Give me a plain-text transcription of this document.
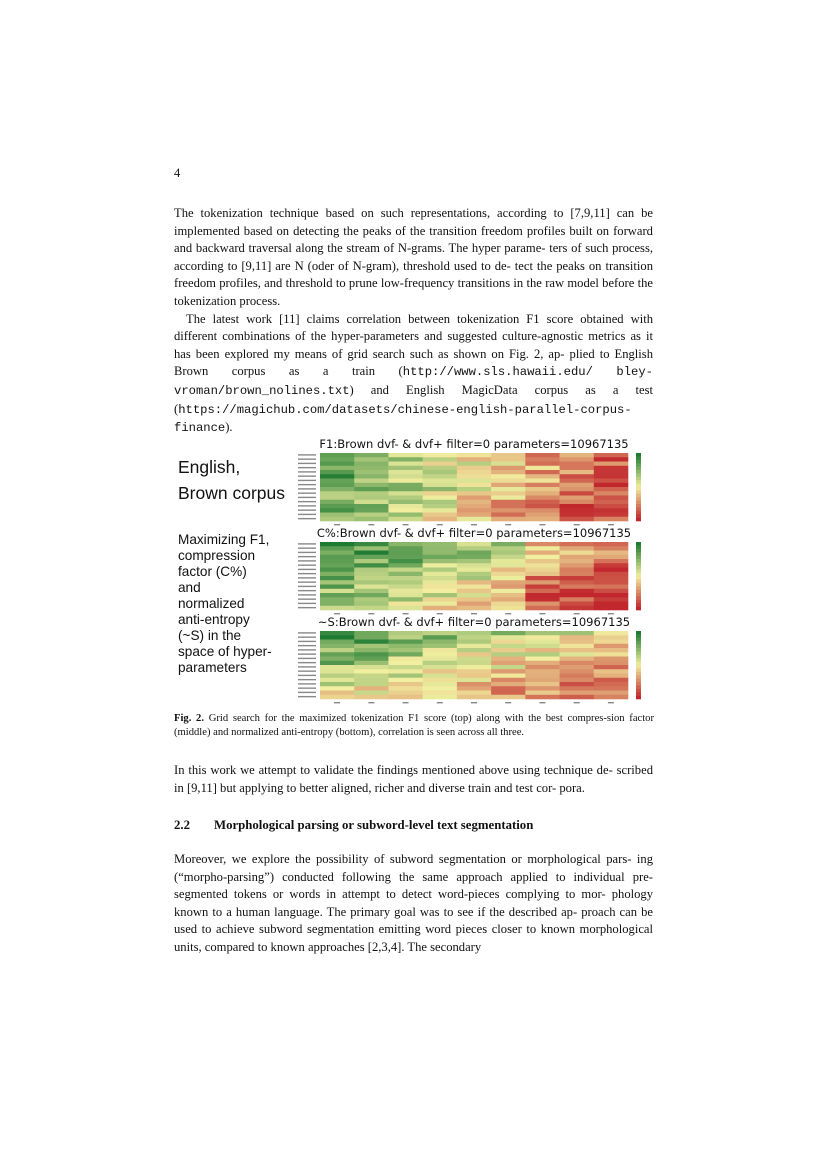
4

The tokenization technique based on such representations, according to [7,9,11] can be implemented based on detecting the peaks of the transition freedom profiles built on forward and backward traversal along the stream of N-grams. The hyper parame- ters of such process, according to [9,11] are N (oder of N-gram), threshold used to de- tect the peaks on transition freedom profiles, and threshold to prune low-frequency transitions in the raw model before the tokenization process.

The latest work [11] claims correlation between tokenization F1 score obtained with different combinations of the hyper-parameters and suggested culture-agnostic metrics as it has been explored my means of grid search such as shown on Fig. 2, ap- plied to English Brown corpus as a train (http://www.sls.hawaii.edu/ bley-vroman/brown_nolines.txt) and English MagicData corpus as a test (https://magichub.com/datasets/chinese-english-parallel-corpus-finance).

English,
Brown corpus
Maximizing F1,
compression
factor (C%)
and
normalized
anti-entropy
(~S) in the
space of hyper-
parameters
F1:Brown dvf- & dvf+ filter=0 parameters=10967135
C%:Brown dvf- & dvf+ filter=0 parameters=10967135
~S:Brown dvf- & dvf+ filter=0 parameters=10967135
Fig. 2. Grid search for the maximized tokenization F1 score (top) along with the best compres-sion factor (middle) and normalized anti-entropy (bottom), correlation is seen across all three.

In this work we attempt to validate the findings mentioned above using technique de- scribed in [9,11] but applying to better aligned, richer and diverse train and test cor- pora.

2.2 Morphological parsing or subword-level text segmentation

Moreover, we explore the possibility of subword segmentation or morphological pars- ing (“morpho-parsing”) conducted following the same approach applied to individual pre-segmented tokens or words in attempt to detect word-pieces complying to mor- phology known to a human language. The primary goal was to see if the described ap- proach can be used to achieve subword segmentation emitting word pieces closer to known morphological units, compared to known approaches [2,3,4]. The secondary
